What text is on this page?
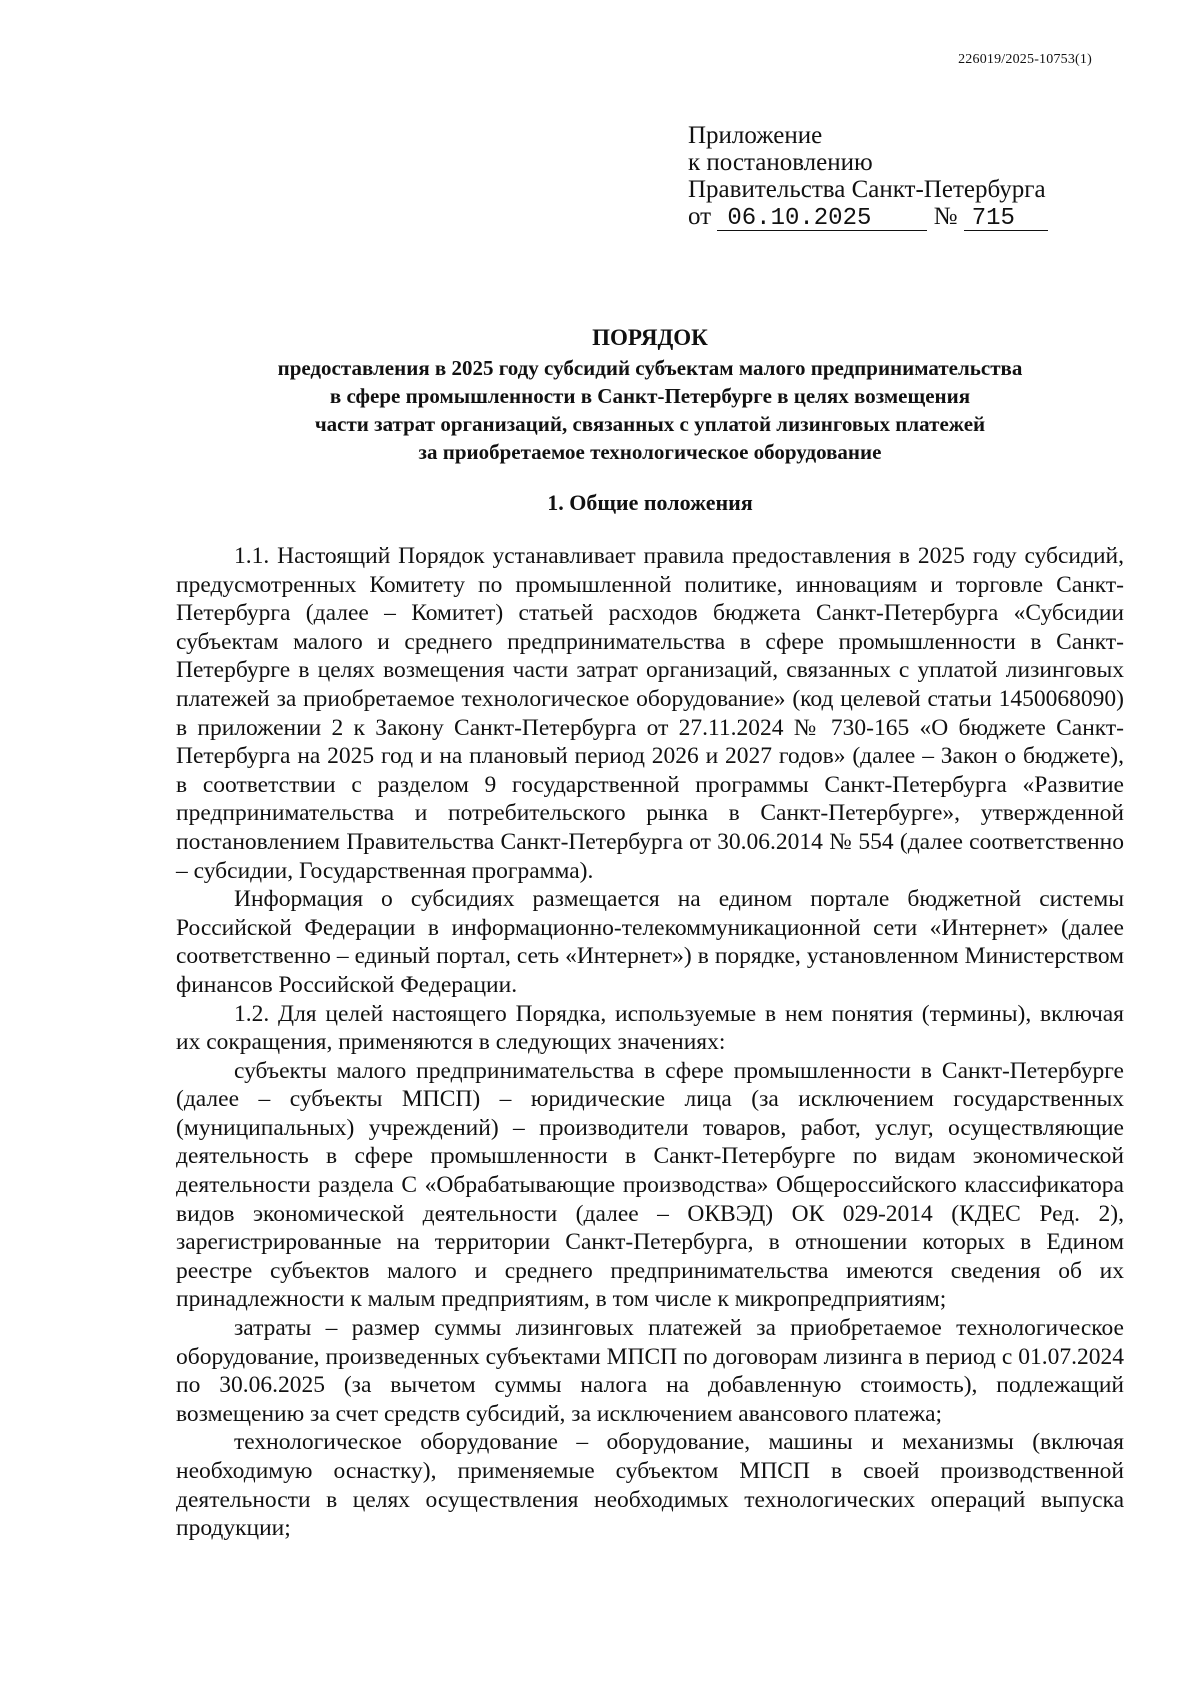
226019/2025-10753(1)
Приложение
к постановлению
Правительства Санкт-Петербурга
от 06.10.2025 № 715
ПОРЯДОК
предоставления в 2025 году субсидий субъектам малого предпринимательства
в сфере промышленности в Санкт-Петербурге в целях возмещения
части затрат организаций, связанных с уплатой лизинговых платежей
за приобретаемое технологическое оборудование
1. Общие положения

1.1. Настоящий Порядок устанавливает правила предоставления в 2025 году субсидий, предусмотренных Комитету по промышленной политике, инновациям и торговле Санкт-Петербурга (далее – Комитет) статьей расходов бюджета Санкт-Петербурга «Субсидии субъектам малого и среднего предпринимательства в сфере промышленности в Санкт-Петербурге в целях возмещения части затрат организаций, связанных с уплатой лизинговых платежей за приобретаемое технологическое оборудование» (код целевой статьи 1450068090) в приложении 2 к Закону Санкт-Петербурга от 27.11.2024 № 730-165 «О бюджете Санкт-Петербурга на 2025 год и на плановый период 2026 и 2027 годов» (далее – Закон о бюджете), в соответствии с разделом 9 государственной программы Санкт-Петербурга «Развитие предпринимательства и потребительского рынка в Санкт-Петербурге», утвержденной постановлением Правительства Санкт-Петербурга от 30.06.2014 № 554 (далее соответственно – субсидии, Государственная программа).

Информация о субсидиях размещается на едином портале бюджетной системы Российской Федерации в информационно-телекоммуникационной сети «Интернет» (далее соответственно – единый портал, сеть «Интернет») в порядке, установленном Министерством финансов Российской Федерации.

1.2. Для целей настоящего Порядка, используемые в нем понятия (термины), включая их сокращения, применяются в следующих значениях:

субъекты малого предпринимательства в сфере промышленности в Санкт-Петербурге (далее – субъекты МПСП) – юридические лица (за исключением государственных (муниципальных) учреждений) – производители товаров, работ, услуг, осуществляющие деятельность в сфере промышленности в Санкт-Петербурге по видам экономической деятельности раздела С «Обрабатывающие производства» Общероссийского классификатора видов экономической деятельности (далее – ОКВЭД) ОК 029-2014 (КДЕС Ред. 2), зарегистрированные на территории Санкт-Петербурга, в отношении которых в Едином реестре субъектов малого и среднего предпринимательства имеются сведения об их принадлежности к малым предприятиям, в том числе к микропредприятиям;

затраты – размер суммы лизинговых платежей за приобретаемое технологическое оборудование, произведенных субъектами МПСП по договорам лизинга в период с 01.07.2024 по 30.06.2025 (за вычетом суммы налога на добавленную стоимость), подлежащий возмещению за счет средств субсидий, за исключением авансового платежа;

технологическое оборудование – оборудование, машины и механизмы (включая необходимую оснастку), применяемые субъектом МПСП в своей производственной деятельности в целях осуществления необходимых технологических операций выпуска продукции;
